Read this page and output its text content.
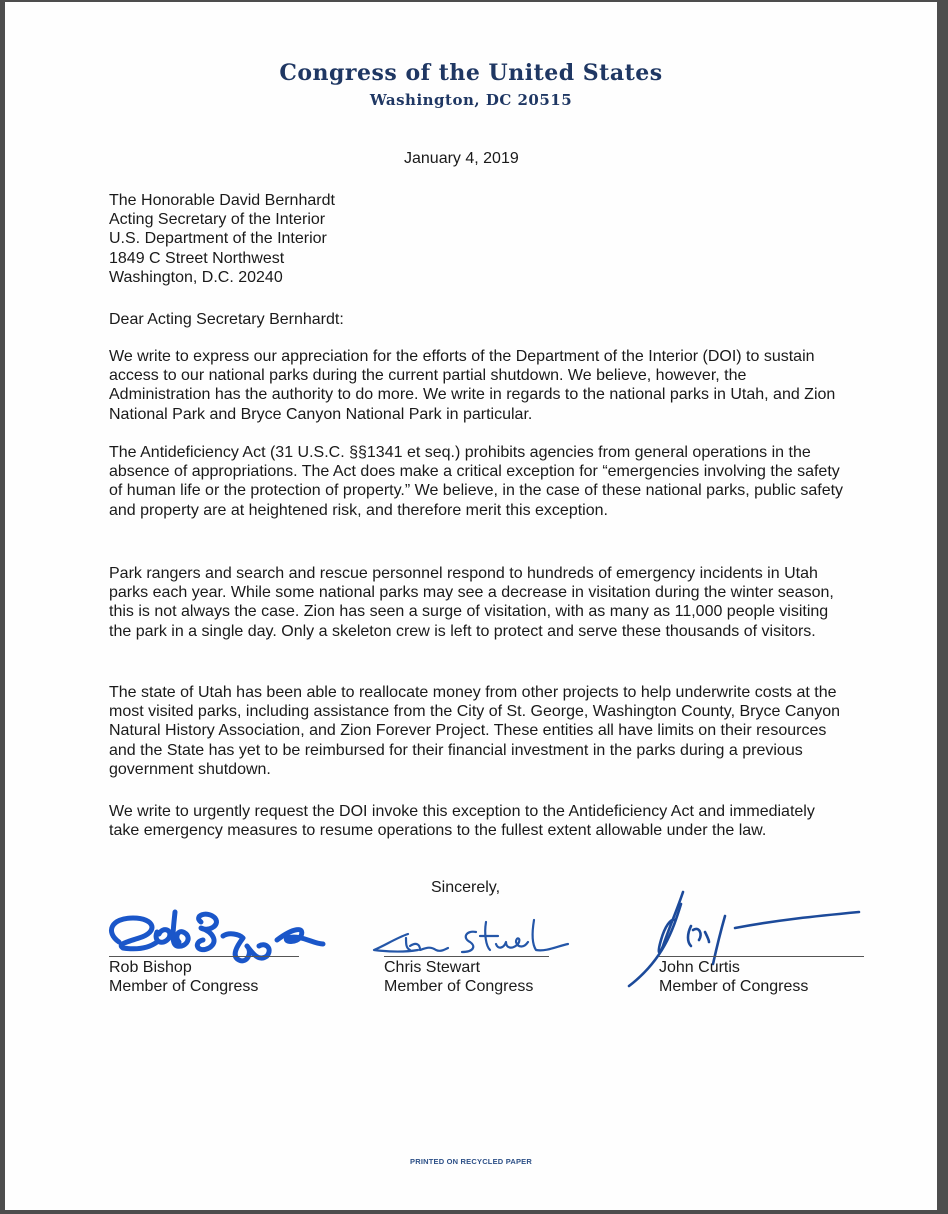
Congress of the United States
Washington, DC 20515
January 4, 2019
The Honorable David Bernhardt
Acting Secretary of the Interior
U.S. Department of the Interior
1849 C Street Northwest
Washington, D.C. 20240
Dear Acting Secretary Bernhardt:

We write to express our appreciation for the efforts of the Department of the Interior (DOI) to sustain access to our national parks during the current partial shutdown. We believe, however, the Administration has the authority to do more. We write in regards to the national parks in Utah, and Zion National Park and Bryce Canyon National Park in particular.

The Antideficiency Act (31 U.S.C. §§1341 et seq.) prohibits agencies from general operations in the absence of appropriations. The Act does make a critical exception for “emergencies involving the safety of human life or the protection of property.” We believe, in the case of these national parks, public safety and property are at heightened risk, and therefore merit this exception.

Park rangers and search and rescue personnel respond to hundreds of emergency incidents in Utah parks each year. While some national parks may see a decrease in visitation during the winter season, this is not always the case. Zion has seen a surge of visitation, with as many as 11,000 people visiting the park in a single day. Only a skeleton crew is left to protect and serve these thousands of visitors.

The state of Utah has been able to reallocate money from other projects to help underwrite costs at the most visited parks, including assistance from the City of St. George, Washington County, Bryce Canyon Natural History Association, and Zion Forever Project. These entities all have limits on their resources and the State has yet to be reimbursed for their financial investment in the parks during a previous government shutdown.

We write to urgently request the DOI invoke this exception to the Antideficiency Act and immediately take emergency measures to resume operations to the fullest extent allowable under the law.

Sincerely,
Rob Bishop
Member of Congress
Chris Stewart
Member of Congress
John Curtis
Member of Congress
PRINTED ON RECYCLED PAPER
